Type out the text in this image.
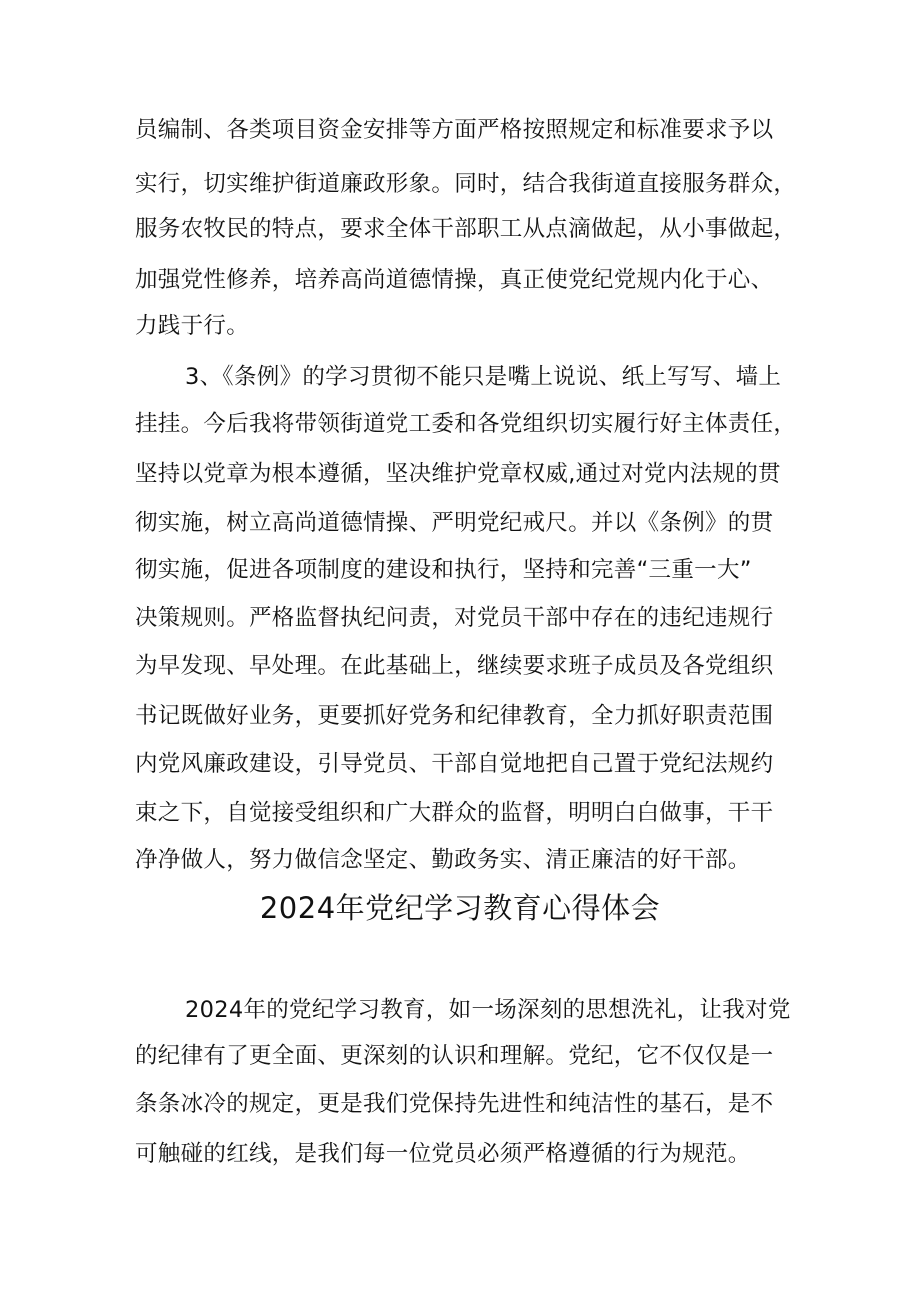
员编制、各类项目资金安排等方面严格按照规定和标准要求予以
实行，切实维护街道廉政形象。同时，结合我街道直接服务群众，
服务农牧民的特点，要求全体干部职工从点滴做起，从小事做起，
加强党性修养，培养高尚道德情操，真正使党纪党规内化于心、
力践于行。
3、《条例》的学习贯彻不能只是嘴上说说、纸上写写、墙上
挂挂。今后我将带领街道党工委和各党组织切实履行好主体责任，
坚持以党章为根本遵循，坚决维护党章权威,通过对党内法规的贯
彻实施，树立高尚道德情操、严明党纪戒尺。并以《条例》的贯
彻实施，促进各项制度的建设和执行，坚持和完善“三重一大”
决策规则。严格监督执纪问责，对党员干部中存在的违纪违规行
为早发现、早处理。在此基础上，继续要求班子成员及各党组织
书记既做好业务，更要抓好党务和纪律教育，全力抓好职责范围
内党风廉政建设，引导党员、干部自觉地把自己置于党纪法规约
束之下，自觉接受组织和广大群众的监督，明明白白做事，干干
净净做人，努力做信念坚定、勤政务实、清正廉洁的好干部。
2024年党纪学习教育心得体会
2024年的党纪学习教育，如一场深刻的思想洗礼，让我对党
的纪律有了更全面、更深刻的认识和理解。党纪，它不仅仅是一
条条冰冷的规定，更是我们党保持先进性和纯洁性的基石，是不
可触碰的红线，是我们每一位党员必须严格遵循的行为规范。
